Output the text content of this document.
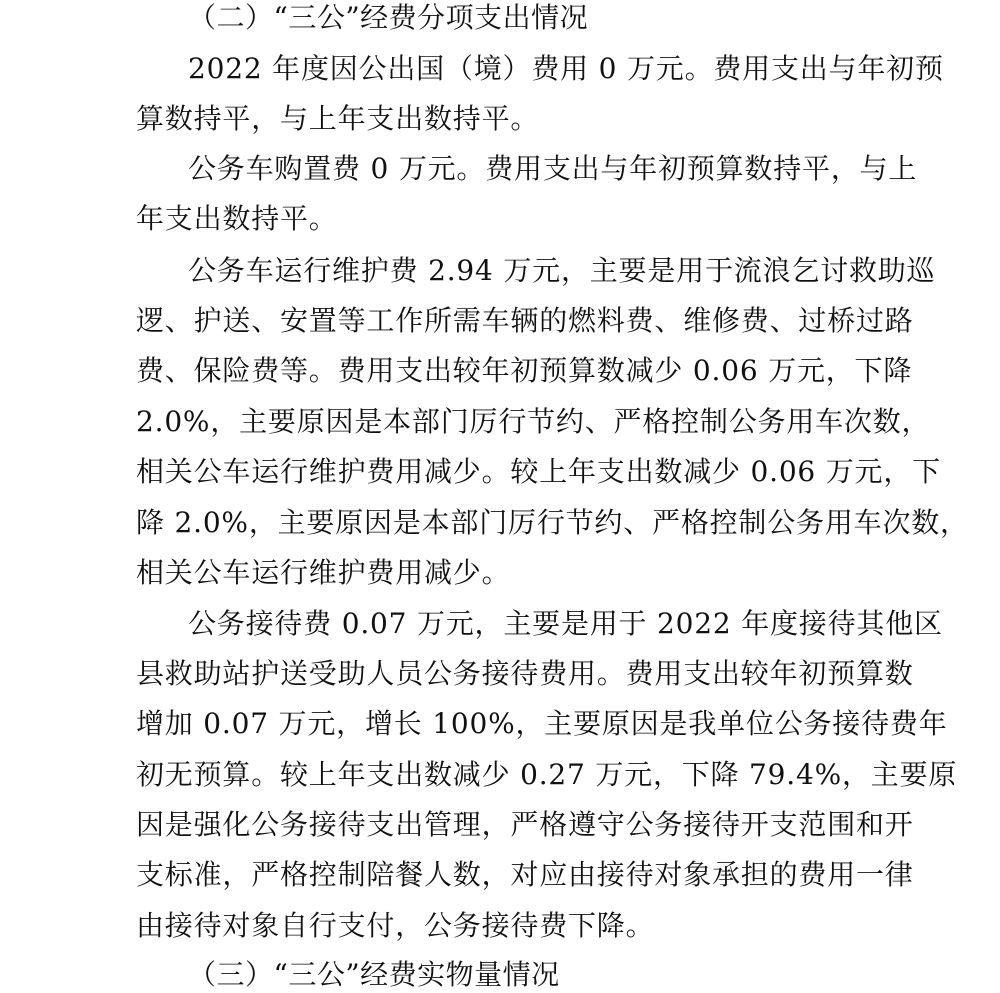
（二）“三公”经费分项支出情况
2022 年度因公出国（境）费用 0 万元。费用支出与年初预
算数持平，与上年支出数持平。
公务车购置费 0 万元。费用支出与年初预算数持平，与上
年支出数持平。
公务车运行维护费 2.94 万元，主要是用于流浪乞讨救助巡
逻、护送、安置等工作所需车辆的燃料费、维修费、过桥过路
费、保险费等。费用支出较年初预算数减少 0.06 万元，下降
2.0%，主要原因是本部门厉行节约、严格控制公务用车次数，
相关公车运行维护费用减少。较上年支出数减少 0.06 万元，下
降 2.0%，主要原因是本部门厉行节约、严格控制公务用车次数，
相关公车运行维护费用减少。
公务接待费 0.07 万元，主要是用于 2022 年度接待其他区
县救助站护送受助人员公务接待费用。费用支出较年初预算数
增加 0.07 万元，增长 100%，主要原因是我单位公务接待费年
初无预算。较上年支出数减少 0.27 万元，下降 79.4%，主要原
因是强化公务接待支出管理，严格遵守公务接待开支范围和开
支标准，严格控制陪餐人数，对应由接待对象承担的费用一律
由接待对象自行支付，公务接待费下降。
（三）“三公”经费实物量情况
